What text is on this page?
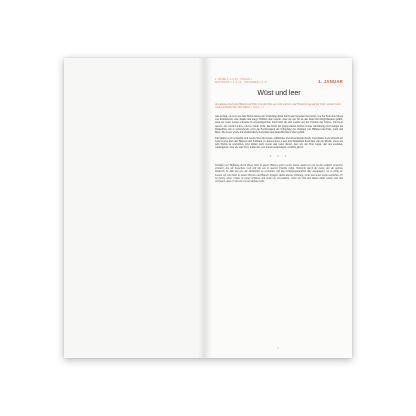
1. MOSE 1,1–2,25 · PSALM 1
MATTHÄUS 1,1–2,12 · JOHANNES 1,1–5	1. JANUAR
Wüst und leer
Am Anfang schuf Gott Himmel und Erde. Und die Erde war wüst und leer, und Finsternis lag auf der Tiefe; und der Geist Gottes schwebte über dem Wasser. 1. MOSE 1,1–2

Am Anfang, als Gott aus dem Nichts heraus die Schöpfung allein durch sein Sprechen hervorrief, war die Erde eine Masse von Rohmaterial, eine dunkle und karge Wildnis ohne Gestalt. Aber sie war bis an den Rand mit Möglichkeiten gefüllt, denn der Geist Gottes schwebte in erwartungsvoller Kraft über ihr und wartete auf das Ertönen des Wortes. Und Gott sprach: »Es werde Licht!«, und es wurde Licht. Die Kraft des gesprochenen Wortes Gottes durchdrang und besiegte die Dunkelheit. Als er weitersprach, wich die Formlosigkeit der Schöpfung der Ordnung von Himmel und Erde, Land und Meer. Die Leere wurde mit pflanzlichem, tierischem und menschlichem Leben gefüllt.

Und immer noch verbreitet sich Gottes Wort mit ferner, erfüllender und erleuchtender Kraft. Und immer noch schwebt der Geist Gottes über den Häusern und Familien, in denen Chaos, Leere und Dunkelheit herrschen, mit der Macht, etwas aus dem Nichts zu erschaffen. Und immer noch wartet sein Geist darauf, dass wir das Wort sagen, und uns ersehnen, wiedergeben, dass wir sein Wort, damit das, was daraus entsprungen, wirklich gut ist.

✦ ✦ ✦

Schöpfen wir Hoffnung durch dieses Wort in unsere Häuser und in unser Leben, damit wir uns an die wirklich Gewinner erinnern, die wir brauchen. Gott will mit uns in unserer Familie reden. Vielleicht durch die Leere, die wir spüren, hindurch. Er lädt uns ein, die Dunkelheit zu vertreiben und das Schöpfungshandeln dort anzufangen, wo es nötig ist. Lassen wir sein Wort in unsere Herzen und Häuser dringen, damit daraus Ordnung, Licht und neues Leben entstehen. Er ist bereit, unser Chaos in etwas Schönes und Gutes zu verwandeln, wenn wir ihm den Raum dafür lassen und ihm vertrauen, dass er mit uns erst am Anfang steht.

11
